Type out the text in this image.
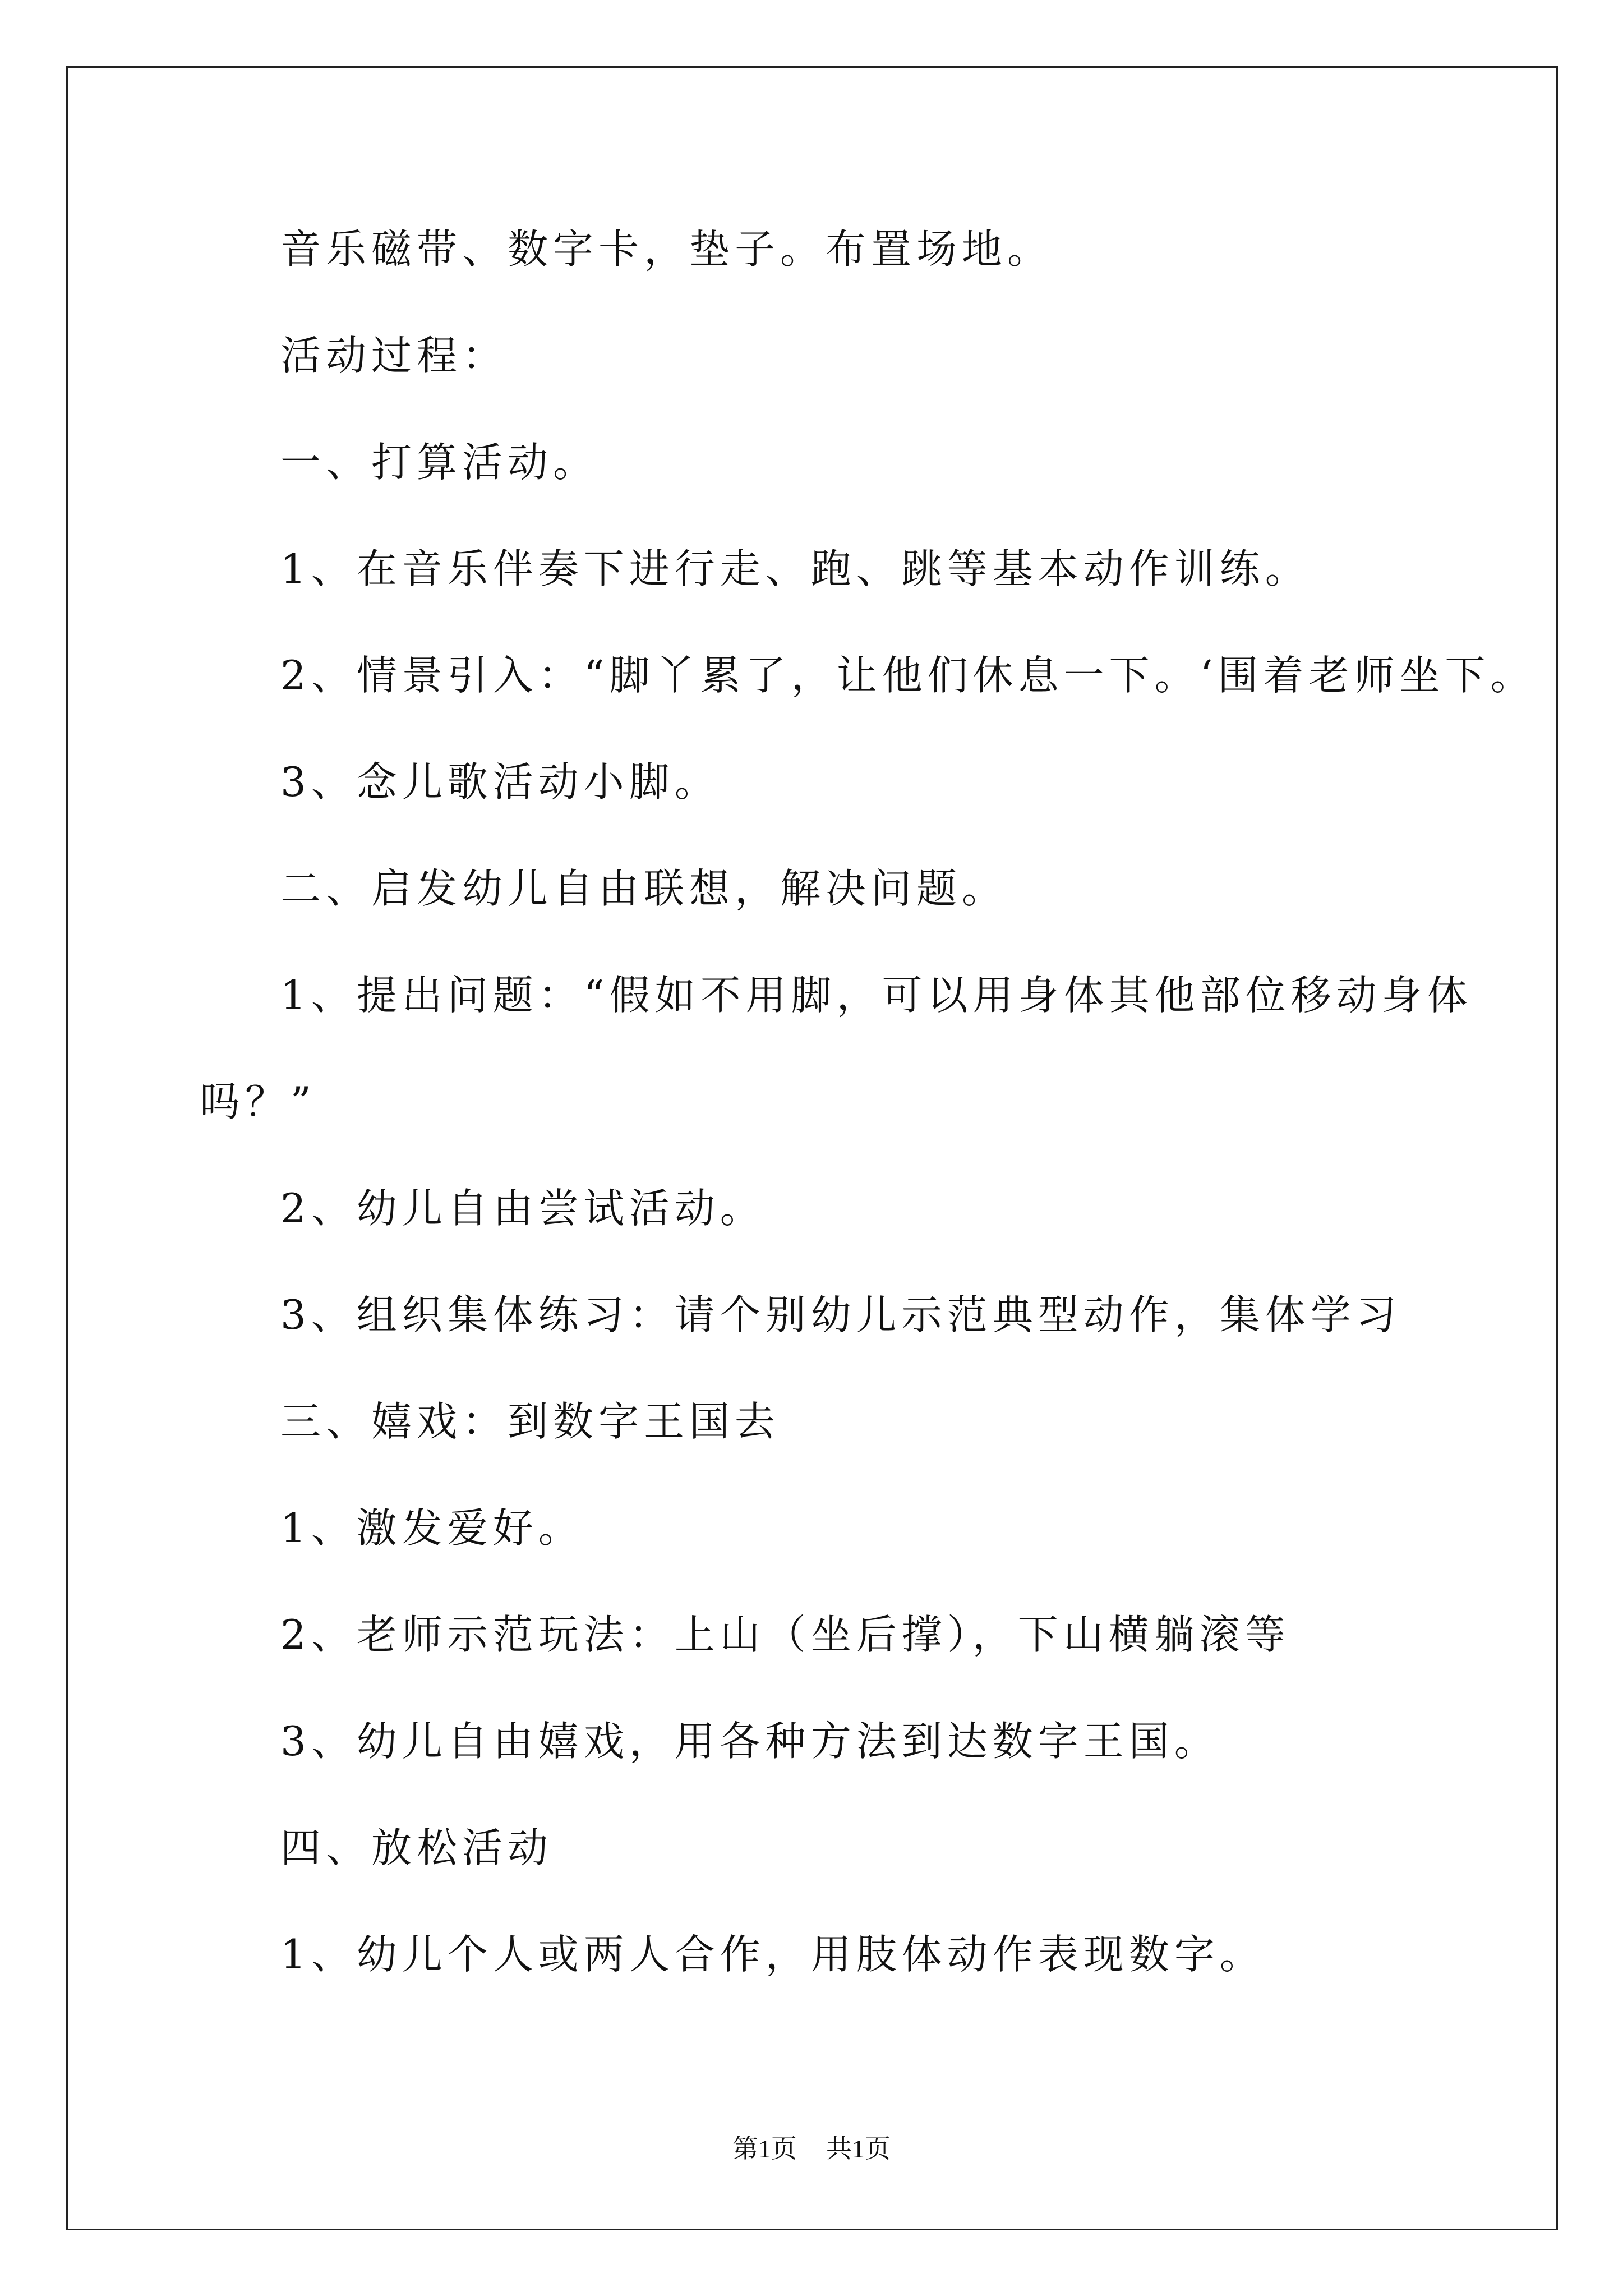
音乐磁带、数字卡，垫子。布置场地。
活动过程：
一、打算活动。
1、在音乐伴奏下进行走、跑、跳等基本动作训练。
2、情景引入：“脚丫累了，让他们休息一下。‘围着老师坐下。
3、念儿歌活动小脚。
二、启发幼儿自由联想，解决问题。
1、提出问题：“假如不用脚，可以用身体其他部位移动身体
吗？”
2、幼儿自由尝试活动。
3、组织集体练习：请个别幼儿示范典型动作，集体学习
三、嬉戏：到数字王国去
1、激发爱好。
2、老师示范玩法：上山（坐后撑），下山横躺滚等
3、幼儿自由嬉戏，用各种方法到达数字王国。
四、放松活动
1、幼儿个人或两人合作，用肢体动作表现数字。
第1页 共1页
